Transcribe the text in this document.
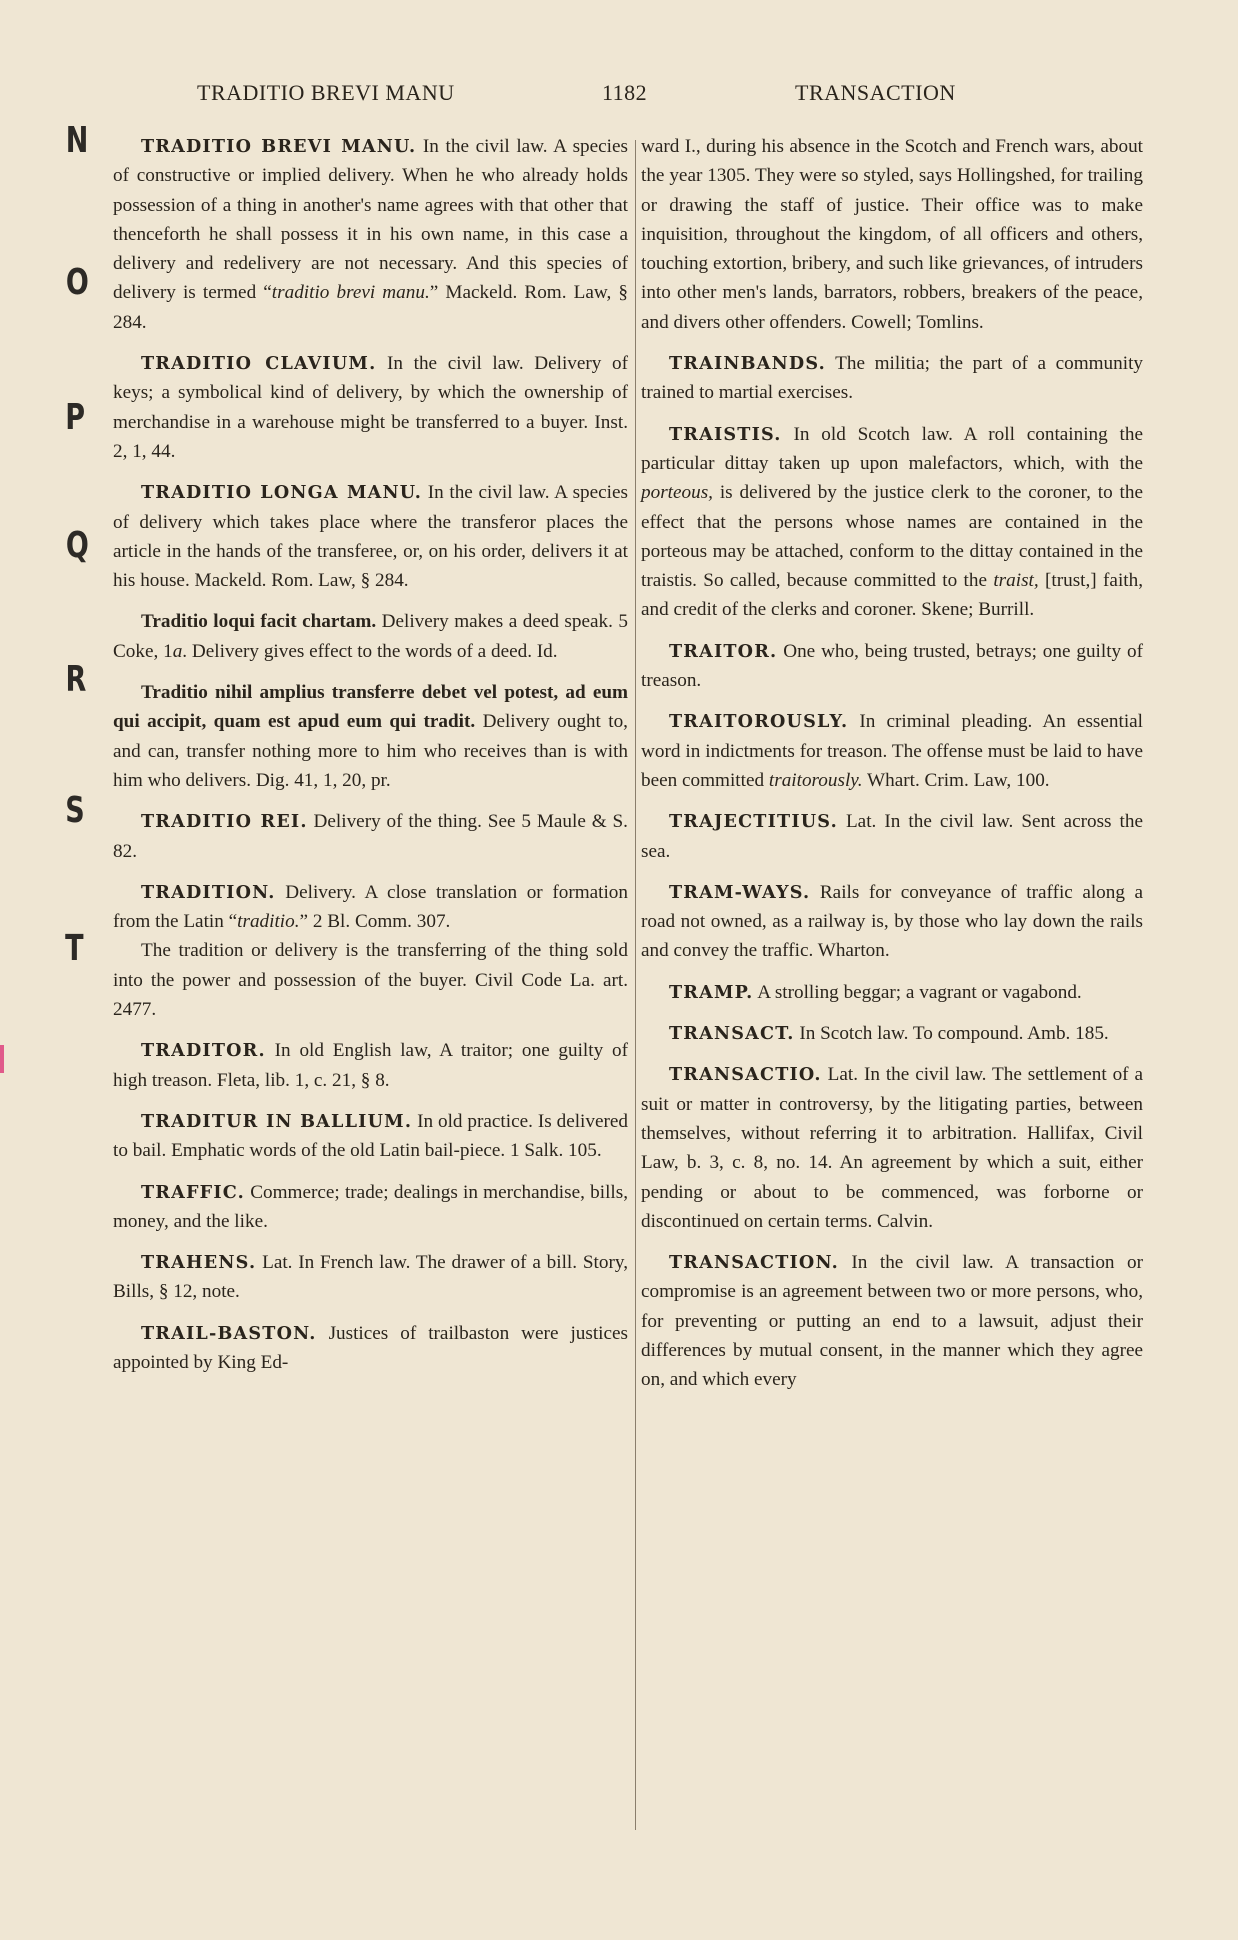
TRADITIO BREVI MANU	1182	TRANSACTION
N
O
P
Q
R
S
T

TRADITIO BREVI MANU. In the civil law. A species of constructive or implied delivery. When he who already holds possession of a thing in another's name agrees with that other that thenceforth he shall possess it in his own name, in this case a delivery and redelivery are not necessary. And this species of delivery is termed “traditio brevi manu.” Mackeld. Rom. Law, § 284.

TRADITIO CLAVIUM. In the civil law. Delivery of keys; a symbolical kind of delivery, by which the ownership of merchandise in a warehouse might be transferred to a buyer. Inst. 2, 1, 44.

TRADITIO LONGA MANU. In the civil law. A species of delivery which takes place where the transferor places the article in the hands of the transferee, or, on his order, delivers it at his house. Mackeld. Rom. Law, § 284.

Traditio loqui facit chartam. Delivery makes a deed speak. 5 Coke, 1a. Delivery gives effect to the words of a deed. Id.

Traditio nihil amplius transferre debet vel potest, ad eum qui accipit, quam est apud eum qui tradit. Delivery ought to, and can, transfer nothing more to him who receives than is with him who delivers. Dig. 41, 1, 20, pr.

TRADITIO REI. Delivery of the thing. See 5 Maule & S. 82.

TRADITION. Delivery. A close translation or formation from the Latin “traditio.” 2 Bl. Comm. 307.

The tradition or delivery is the transferring of the thing sold into the power and possession of the buyer. Civil Code La. art. 2477.

TRADITOR. In old English law, A traitor; one guilty of high treason. Fleta, lib. 1, c. 21, § 8.

TRADITUR IN BALLIUM. In old practice. Is delivered to bail. Emphatic words of the old Latin bail-piece. 1 Salk. 105.

TRAFFIC. Commerce; trade; dealings in merchandise, bills, money, and the like.

TRAHENS. Lat. In French law. The drawer of a bill. Story, Bills, § 12, note.

TRAIL-BASTON. Justices of trailbaston were justices appointed by King Ed-

ward I., during his absence in the Scotch and French wars, about the year 1305. They were so styled, says Hollingshed, for trailing or drawing the staff of justice. Their office was to make inquisition, throughout the kingdom, of all officers and others, touching extortion, bribery, and such like grievances, of intruders into other men's lands, barrators, robbers, breakers of the peace, and divers other offenders. Cowell; Tomlins.

TRAINBANDS. The militia; the part of a community trained to martial exercises.

TRAISTIS. In old Scotch law. A roll containing the particular dittay taken up upon malefactors, which, with the porteous, is delivered by the justice clerk to the coroner, to the effect that the persons whose names are contained in the porteous may be attached, conform to the dittay contained in the traistis. So called, because committed to the traist, [trust,] faith, and credit of the clerks and coroner. Skene; Burrill.

TRAITOR. One who, being trusted, betrays; one guilty of treason.

TRAITOROUSLY. In criminal pleading. An essential word in indictments for treason. The offense must be laid to have been committed traitorously. Whart. Crim. Law, 100.

TRAJECTITIUS. Lat. In the civil law. Sent across the sea.

TRAM-WAYS. Rails for conveyance of traffic along a road not owned, as a railway is, by those who lay down the rails and convey the traffic. Wharton.

TRAMP. A strolling beggar; a vagrant or vagabond.

TRANSACT. In Scotch law. To compound. Amb. 185.

TRANSACTIO. Lat. In the civil law. The settlement of a suit or matter in controversy, by the litigating parties, between themselves, without referring it to arbitration. Hallifax, Civil Law, b. 3, c. 8, no. 14. An agreement by which a suit, either pending or about to be commenced, was forborne or discontinued on certain terms. Calvin.

TRANSACTION. In the civil law. A transaction or compromise is an agreement between two or more persons, who, for preventing or putting an end to a lawsuit, adjust their differences by mutual consent, in the manner which they agree on, and which every
